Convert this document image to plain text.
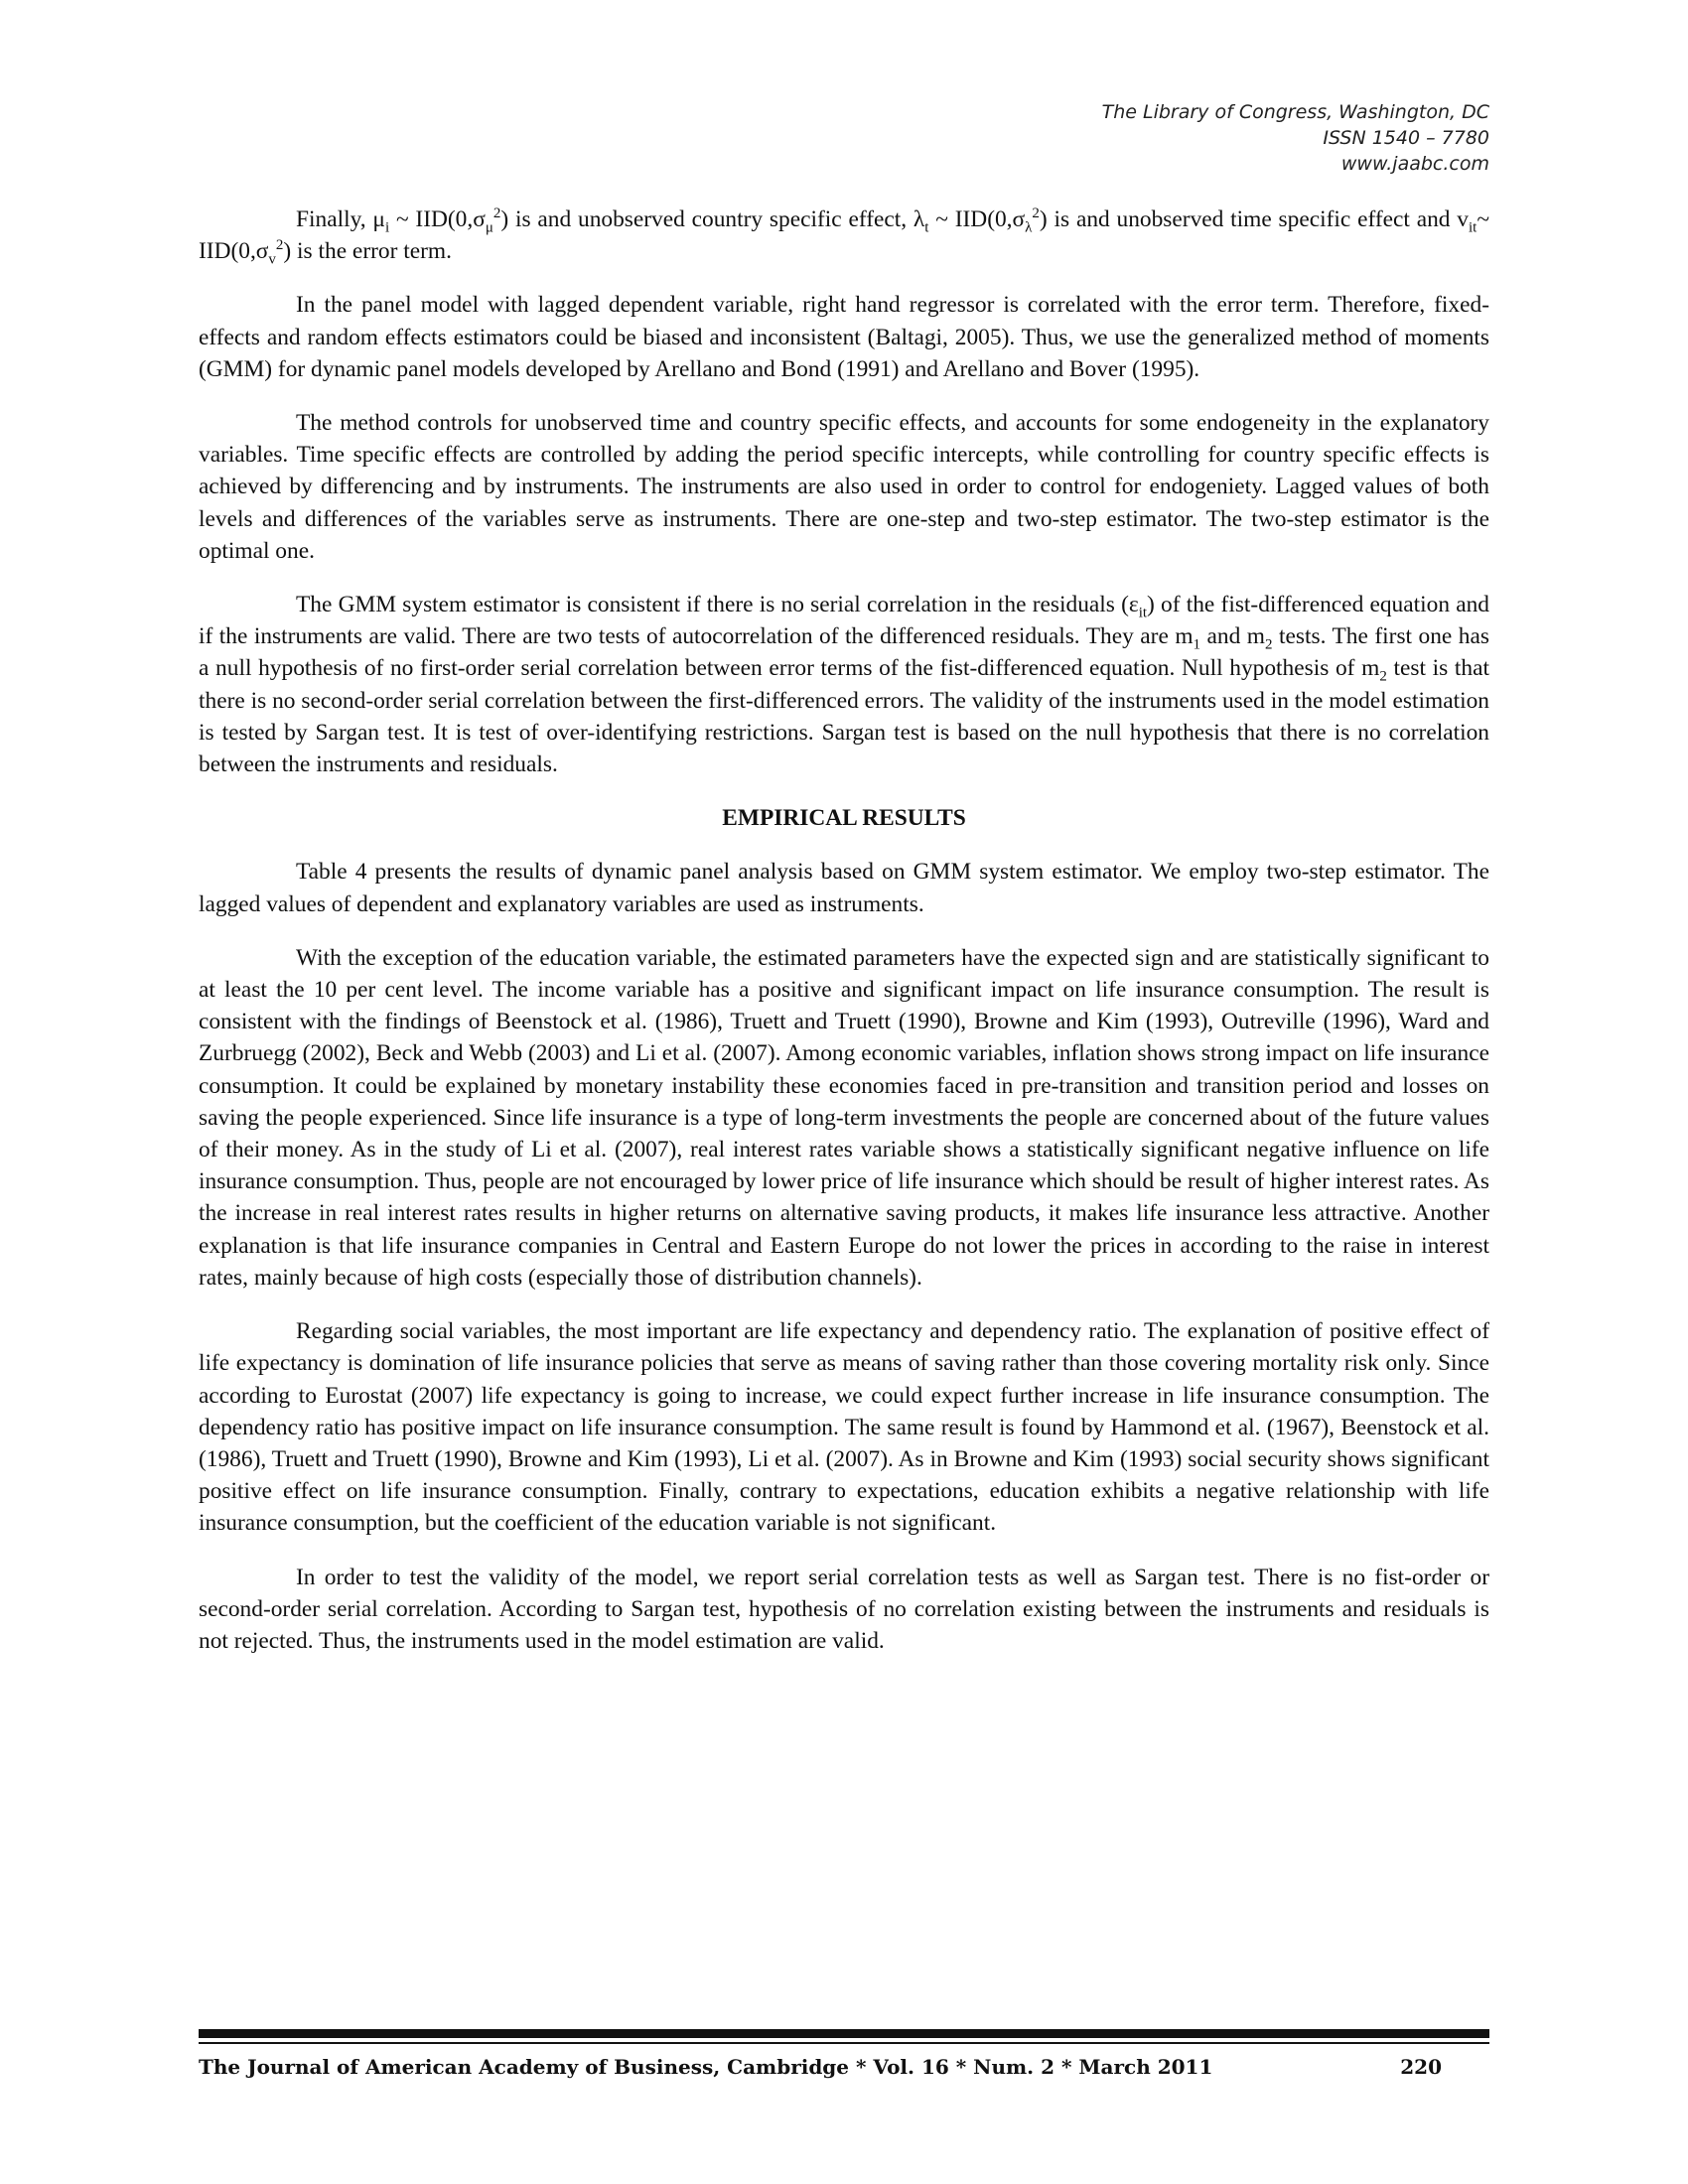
The Library of Congress, Washington, DC
ISSN 1540 – 7780
www.jaabc.com

Finally, $\mu_i$ ~ $IID(0,\sigma_\mu^2)$ is and unobserved country specific effect, $\lambda_t$ ~ $IID(0,\sigma_\lambda^2)$ is and unobserved time specific effect and $v_{it}\sim$ $IID(0,\sigma_v^2)$ is the error term.

In the panel model with lagged dependent variable, right hand regressor is correlated with the error term. Therefore, fixed-effects and random effects estimators could be biased and inconsistent (Baltagi, 2005). Thus, we use the generalized method of moments (GMM) for dynamic panel models developed by Arellano and Bond (1991) and Arellano and Bover (1995).

The method controls for unobserved time and country specific effects, and accounts for some endogeneity in the explanatory variables. Time specific effects are controlled by adding the period specific intercepts, while controlling for country specific effects is achieved by differencing and by instruments. The instruments are also used in order to control for endogeniety. Lagged values of both levels and differences of the variables serve as instruments. There are one-step and two-step estimator. The two-step estimator is the optimal one.

The GMM system estimator is consistent if there is no serial correlation in the residuals $(\varepsilon_{it})$ of the fist-differenced equation and if the instruments are valid. There are two tests of autocorrelation of the differenced residuals. They are $m_1$ and $m_2$ tests. The first one has a null hypothesis of no first-order serial correlation between error terms of the fist-differenced equation. Null hypothesis of $m_2$ test is that there is no second-order serial correlation between the first-differenced errors. The validity of the instruments used in the model estimation is tested by Sargan test. It is test of over-identifying restrictions. Sargan test is based on the null hypothesis that there is no correlation between the instruments and residuals.

EMPIRICAL RESULTS

Table 4 presents the results of dynamic panel analysis based on GMM system estimator. We employ two-step estimator. The lagged values of dependent and explanatory variables are used as instruments.

With the exception of the education variable, the estimated parameters have the expected sign and are statistically significant to at least the 10 per cent level. The income variable has a positive and significant impact on life insurance consumption. The result is consistent with the findings of Beenstock et al. (1986), Truett and Truett (1990), Browne and Kim (1993), Outreville (1996), Ward and Zurbruegg (2002), Beck and Webb (2003) and Li et al. (2007). Among economic variables, inflation shows strong impact on life insurance consumption. It could be explained by monetary instability these economies faced in pre-transition and transition period and losses on saving the people experienced. Since life insurance is a type of long-term investments the people are concerned about of the future values of their money. As in the study of Li et al. (2007), real interest rates variable shows a statistically significant negative influence on life insurance consumption. Thus, people are not encouraged by lower price of life insurance which should be result of higher interest rates. As the increase in real interest rates results in higher returns on alternative saving products, it makes life insurance less attractive. Another explanation is that life insurance companies in Central and Eastern Europe do not lower the prices in according to the raise in interest rates, mainly because of high costs (especially those of distribution channels).

Regarding social variables, the most important are life expectancy and dependency ratio. The explanation of positive effect of life expectancy is domination of life insurance policies that serve as means of saving rather than those covering mortality risk only. Since according to Eurostat (2007) life expectancy is going to increase, we could expect further increase in life insurance consumption. The dependency ratio has positive impact on life insurance consumption. The same result is found by Hammond et al. (1967), Beenstock et al. (1986), Truett and Truett (1990), Browne and Kim (1993), Li et al. (2007). As in Browne and Kim (1993) social security shows significant positive effect on life insurance consumption. Finally, contrary to expectations, education exhibits a negative relationship with life insurance consumption, but the coefficient of the education variable is not significant.

In order to test the validity of the model, we report serial correlation tests as well as Sargan test. There is no fist-order or second-order serial correlation. According to Sargan test, hypothesis of no correlation existing between the instruments and residuals is not rejected. Thus, the instruments used in the model estimation are valid.

The Journal of American Academy of Business, Cambridge * Vol. 16 * Num. 2 * March 2011	220
